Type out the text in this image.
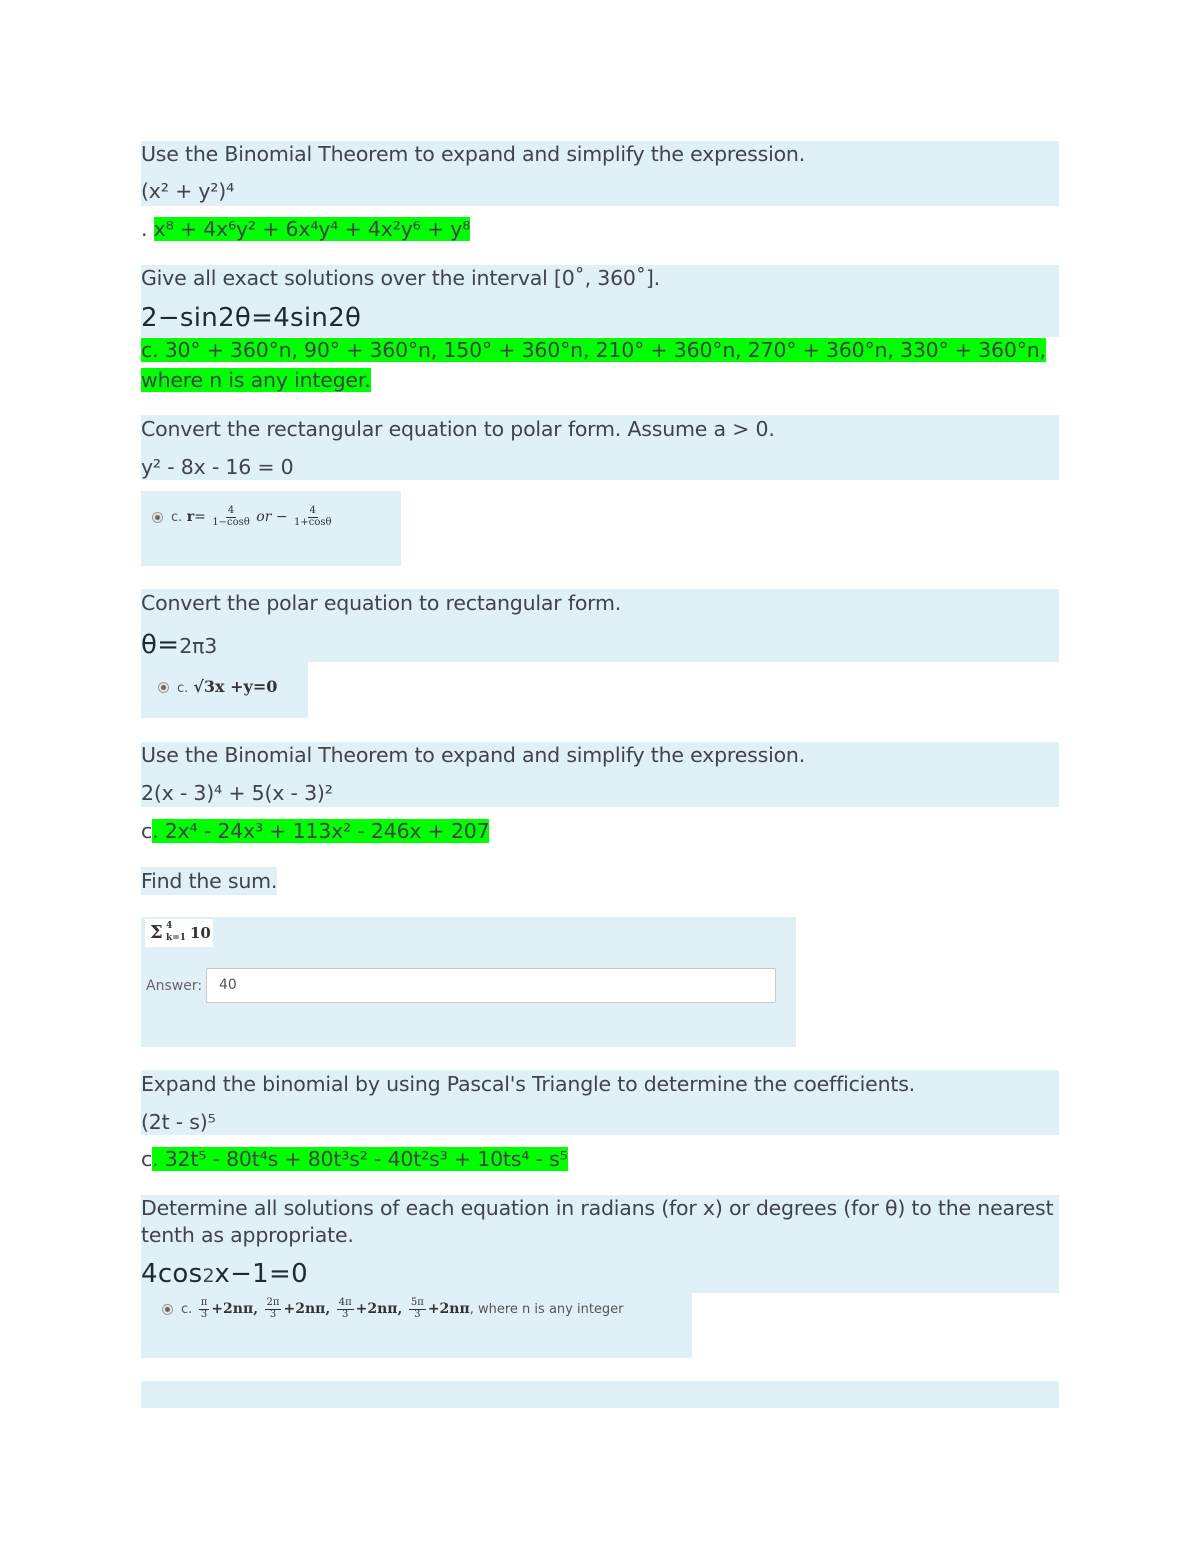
Use the Binomial Theorem to expand and simplify the expression.
(x² + y²)⁴
. x⁸ + 4x⁶y² + 6x⁴y⁴ + 4x²y⁶ + y⁸
Give all exact solutions over the interval [0˚, 360˚].
2−sin2θ=4sin2θ
c. 30° + 360°n, 90° + 360°n, 150° + 360°n, 210° + 360°n, 270° + 360°n, 330° + 360°n,
where n is any integer.
Convert the rectangular equation to polar form. Assume a > 0.
y² - 8x - 16 = 0
c. $r= \frac{4}{1-\cos\theta}$ or − $\frac{4}{1+\cos\theta}$
Convert the polar equation to rectangular form.
θ=2π3
c. √3x +y=0
Use the Binomial Theorem to expand and simplify the expression.
2(x - 3)⁴ + 5(x - 3)²
c. 2x⁴ - 24x³ + 113x² - 246x + 207
Find the sum.
Σ 4
k=1 10
Answer: 40
Expand the binomial by using Pascal's Triangle to determine the coefficients.
(2t - s)⁵
c. 32t⁵ - 80t⁴s + 80t³s² - 40t²s³ + 10ts⁴ - s⁵
Determine all solutions of each equation in radians (for x) or degrees (for θ) to the nearest
tenth as appropriate.
4cos2x−1=0
c. $\frac{\pi}{3} +2n\pi$, $\frac{2\pi}{3} +2n\pi$, $\frac{4\pi}{3} +2n\pi$, $\frac{5\pi}{3} +2n\pi$, where n is any integer
